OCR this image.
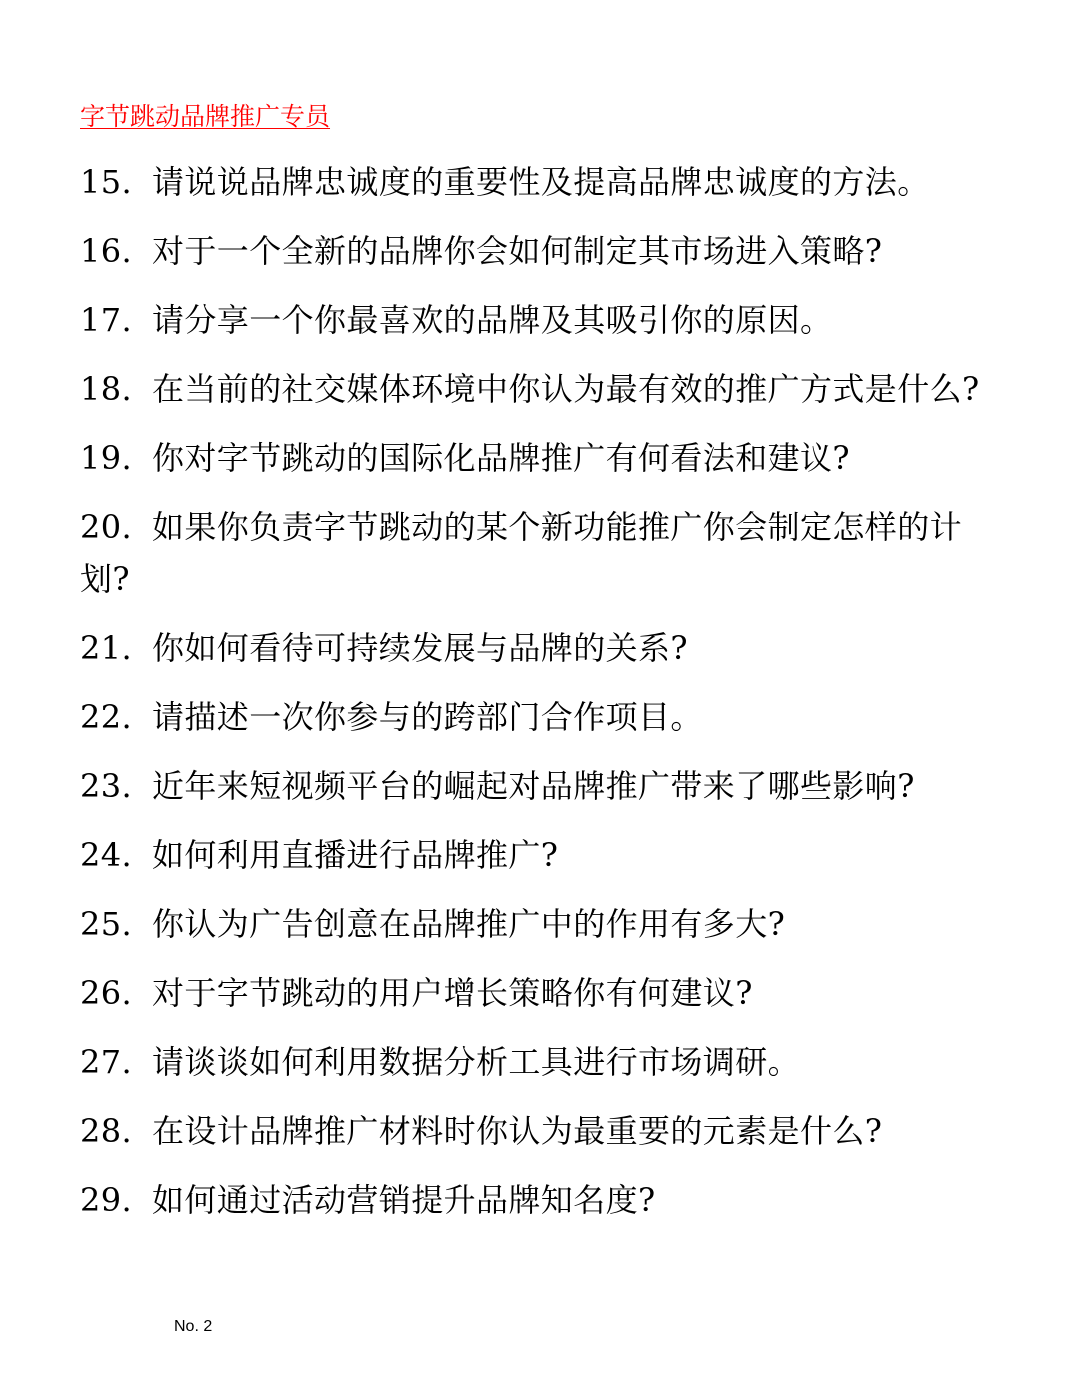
字节跳动品牌推广专员
15. 请说说品牌忠诚度的重要性及提高品牌忠诚度的方法。
16. 对于一个全新的品牌你会如何制定其市场进入策略?
17. 请分享一个你最喜欢的品牌及其吸引你的原因。
18. 在当前的社交媒体环境中你认为最有效的推广方式是什么?
19. 你对字节跳动的国际化品牌推广有何看法和建议?
20. 如果你负责字节跳动的某个新功能推广你会制定怎样的计划?
21. 你如何看待可持续发展与品牌的关系?
22. 请描述一次你参与的跨部门合作项目。
23. 近年来短视频平台的崛起对品牌推广带来了哪些影响?
24. 如何利用直播进行品牌推广?
25. 你认为广告创意在品牌推广中的作用有多大?
26. 对于字节跳动的用户增长策略你有何建议?
27. 请谈谈如何利用数据分析工具进行市场调研。
28. 在设计品牌推广材料时你认为最重要的元素是什么?
29. 如何通过活动营销提升品牌知名度?
No. 2
